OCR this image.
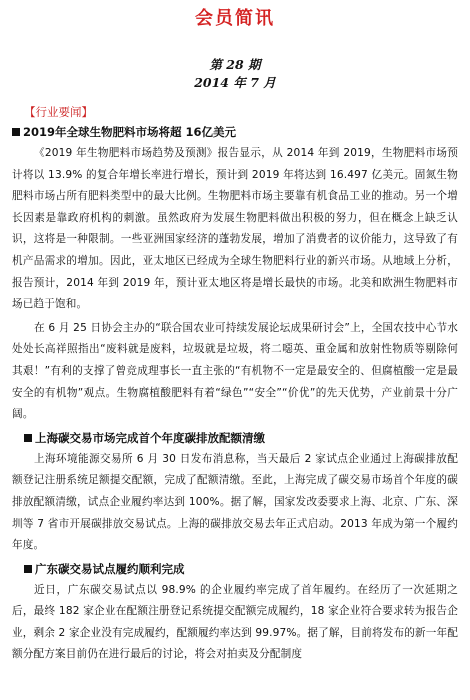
会员简讯
第 28 期
2014 年 7 月
【行业要闻】
2019年全球生物肥料市场将超 16亿美元

《2019 年生物肥料市场趋势及预测》报告显示，从 2014 年到 2019，生物肥料市场预计将以 13.9% 的复合年增长率进行增长，预计到 2019 年将达到 16.497 亿美元。固氮生物肥料市场占所有肥料类型中的最大比例。生物肥料市场主要靠有机食品工业的推动。另一个增长因素是靠政府机构的刺激。虽然政府为发展生物肥料做出积极的努力，但在概念上缺乏认识，这将是一种限制。一些亚洲国家经济的蓬勃发展，增加了消费者的议价能力，这导致了有机产品需求的增加。因此，亚太地区已经成为全球生物肥料行业的新兴市场。从地域上分析，报告预计，2014 年到 2019 年，预计亚太地区将是增长最快的市场。北美和欧洲生物肥料市场已趋于饱和。

在 6 月 25 日协会主办的“联合国农业可持续发展论坛成果研讨会”上，全国农技中心节水处处长高祥照指出“废料就是废料，垃圾就是垃圾，将二噁英、重金属和放射性物质等剔除何其艰！”有利的支撑了曾竞成理事长一直主张的“有机物不一定是最安全的、但腐植酸一定是最安全的有机物”观点。生物腐植酸肥料有着“绿色”“安全”“价优”的先天优势，产业前景十分广阔。

上海碳交易市场完成首个年度碳排放配额清缴

上海环境能源交易所 6 月 30 日发布消息称，当天最后 2 家试点企业通过上海碳排放配额登记注册系统足额提交配额，完成了配额清缴。至此，上海完成了碳交易市场首个年度的碳排放配额清缴，试点企业履约率达到 100%。据了解，国家发改委要求上海、北京、广东、深圳等 7 省市开展碳排放交易试点。上海的碳排放交易去年正式启动。2013 年成为第一个履约年度。

广东碳交易试点履约顺利完成

近日，广东碳交易试点以 98.9% 的企业履约率完成了首年履约。在经历了一次延期之后，最终 182 家企业在配额注册登记系统提交配额完成履约，18 家企业符合要求转为报告企业，剩余 2 家企业没有完成履约，配额履约率达到 99.97%。据了解，目前将发布的新一年配额分配方案目前仍在进行最后的讨论，将会对拍卖及分配制度
